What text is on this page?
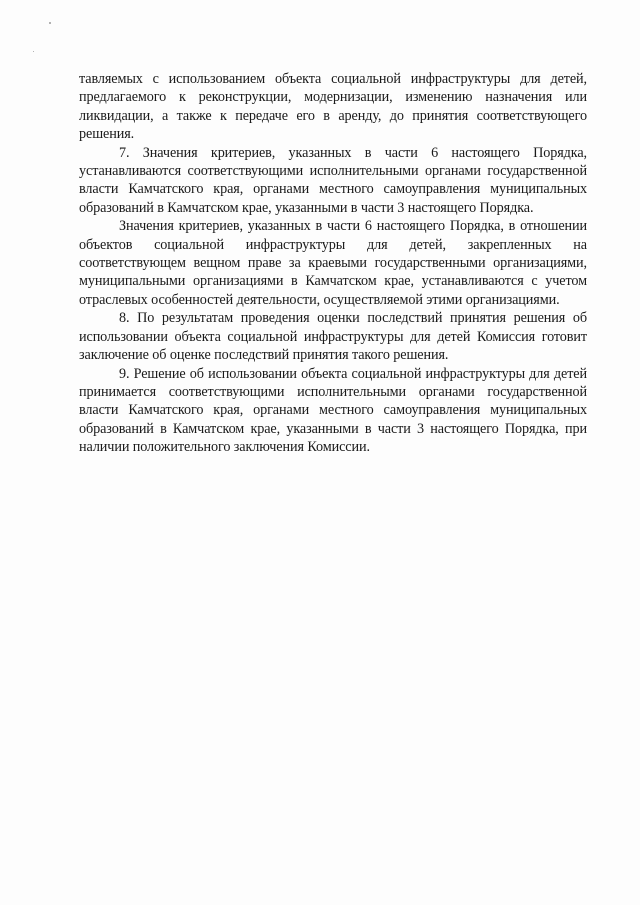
тавляемых с использованием объекта социальной инфраструктуры для детей, предлагаемого к реконструкции, модернизации, изменению назначения или ликвидации, а также к передаче его в аренду, до принятия соответствующего решения.

7. Значения критериев, указанных в части 6 настоящего Порядка, устанавливаются соответствующими исполнительными органами государственной власти Камчатского края, органами местного самоуправления муниципальных образований в Камчатском крае, указанными в части 3 настоящего Порядка.

Значения критериев, указанных в части 6 настоящего Порядка, в отношении объектов социальной инфраструктуры для детей, закрепленных на соответствующем вещном праве за краевыми государственными организациями, муниципальными организациями в Камчатском крае, устанавливаются с учетом отраслевых особенностей деятельности, осуществляемой этими организациями.

8. По результатам проведения оценки последствий принятия решения об использовании объекта социальной инфраструктуры для детей Комиссия готовит заключение об оценке последствий принятия такого решения.

9. Решение об использовании объекта социальной инфраструктуры для детей принимается соответствующими исполнительными органами государственной власти Камчатского края, органами местного самоуправления муниципальных образований в Камчатском крае, указанными в части 3 настоящего Порядка, при наличии положительного заключения Комиссии.
